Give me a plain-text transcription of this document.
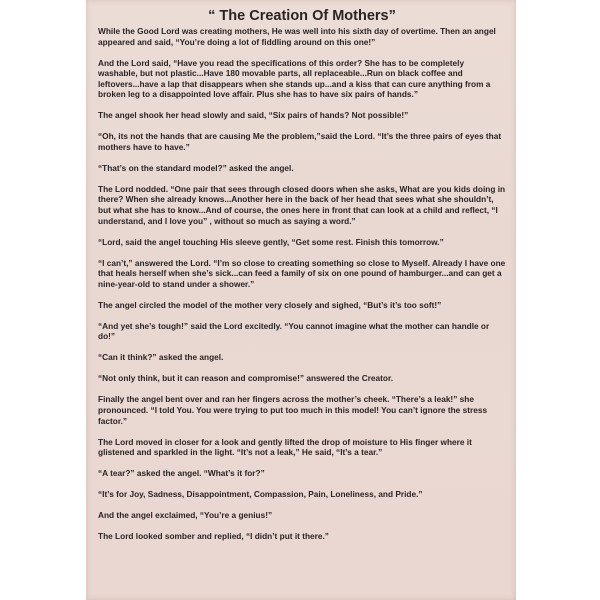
“ The Creation Of Mothers”
While the Good Lord was creating mothers, He was well into his sixth day of overtime. Then an angel appeared and said, “You’re doing a lot of fiddling around on this one!”
And the Lord said, “Have you read the specifications of this order? She has to be completely washable, but not plastic...Have 180 movable parts, all replaceable...Run on black coffee and leftovers...have a lap that disappears when she stands up...and a kiss that can cure anything from a broken leg to a disappointed love affair. Plus she has to have six pairs of hands.”
The angel shook her head slowly and said, “Six pairs of hands? Not possible!”
“Oh, its not the hands that are causing Me the problem,”said the Lord. “It’s the three pairs of eyes that mothers have to have.”
“That’s on the standard model?” asked the angel.
The Lord nodded. “One pair that sees through closed doors when she asks, What are you kids doing in there? When she already knows...Another here in the back of her head that sees what she shouldn’t, but what she has to know...And of course, the ones here in front that can look at a child and reflect, “I understand, and I love you” , without so much as saying a word.”
“Lord, said the angel touching His sleeve gently, “Get some rest. Finish this tomorrow.”
“I can’t,” answered the Lord. “I’m so close to creating something so close to Myself. Already I have one that heals herself when she’s sick...can feed a family of six on one pound of hamburger...and can get a nine-year-old to stand under a shower.”
The angel circled the model of the mother very closely and sighed, “But’s it’s too soft!”
“And yet she’s tough!” said the Lord excitedly. “You cannot imagine what the mother can handle or do!”
“Can it think?” asked the angel.
“Not only think, but it can reason and compromise!” answered the Creator.
Finally the angel bent over and ran her fingers across the mother’s cheek. “There’s a leak!” she pronounced. “I told You. You were trying to put too much in this model! You can’t ignore the stress factor.”
The Lord moved in closer for a look and gently lifted the drop of moisture to His finger where it glistened and sparkled in the light. “It’s not a leak,” He said, “It’s a tear.”
“A tear?” asked the angel. “What’s it for?”
“It’s for Joy, Sadness, Disappointment, Compassion, Pain, Loneliness, and Pride.”
And the angel exclaimed, “You’re a genius!”
The Lord looked somber and replied, “I didn’t put it there.”
